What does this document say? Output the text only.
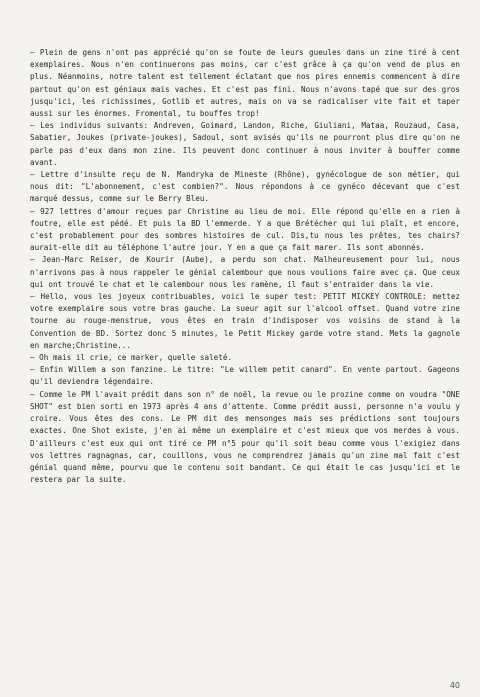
– Plein de gens n'ont pas apprécié qu'on se foute de leurs gueules dans un zine tiré à cent exemplaires. Nous n'en continuerons pas moins, car c'est grâce à ça qu'on vend de plus en plus. Néanmoins, notre talent est tellement éclatant que nos pires ennemis commencent à dire partout qu'on est géniaux mais vaches. Et c'est pas fini. Nous n'avons tapé que sur des gros jusqu'ici, les richissimes, Gotlib et autres, mais on va se radicaliser vite fait et taper aussi sur les énormes. Fromental, tu bouffes trop!

– Les individus suivants: Andreven, Goimard, Landon, Riche, Giuliani, Mataa, Rouzaud, Casa, Sabatier, Joukes (private-joukes), Sadoul, sont avisés qu'ils ne pourront plus dire qu'on ne parle pas d'eux dans mon zine. Ils peuvent donc continuer à nous inviter à bouffer comme avant.

– Lettre d'insulte reçu de N. Mandryka de Mineste (Rhône), gynécologue de son métier, qui nous dit: "L'abonnement, c'est combien?". Nous répondons à ce gynéco décevant que c'est marqué dessus, comme sur le Berry Bleu.

– 927 lettres d'amour reçues par Christine au lieu de moi. Elle répond qu'elle en a rien à foutre, elle est pédé. Et puis la BD l'emmerde. Y a que Brétécher qui lui plaît, et encore, c'est probablement pour des sombres histoires de cul. Dis,tu nous les prêtes, tes chairs? aurait-elle dit au téléphone l'autre jour. Y en a que ça fait marer. Ils sont abonnés.

– Jean-Marc Reiser, de Kourir (Aube), a perdu son chat. Malheureusement pour lui, nous n'arrivons pas à nous rappeler le génial calembour que nous voulions faire avec ça. Que ceux qui ont trouvé le chat et le calembour nous les ramène, il faut s'entraider dans la vie.

– Hello, vous les joyeux contribuables, voici le super test: PETIT MICKEY CONTROLE: mettez votre exemplaire sous votre bras gauche. La sueur agit sur l'alcool offset. Quand votre zine tourne au rouge-menstrue, vous êtes en train d'indisposer vos voisins de stand à la Convention de BD. Sortez donc 5 minutes, le Petit Mickey garde votre stand. Mets la gagnole en marche;Christine...

– Oh mais il crie, ce marker, quelle saleté.

– Enfin Willem a son fanzine. Le titre: "Le willem petit canard". En vente partout. Gageons qu'il deviendra légendaire.

– Comme le PM l'avait prédit dans son n° de noël, la revue ou le prozine comme on voudra "ONE SHOT" est bien sorti en 1973 après 4 ans d'attente. Comme prédit aussi, personne n'a voulu y croire. Vous êtes des cons. Le PM dit des mensonges mais ses prédictions sont toujours exactes. One Shot existe, j'en ai même un exemplaire et c'est mieux que vos merdes à vous. D'ailleurs c'est eux qui ont tiré ce PM n°5 pour qu'il soit beau comme vous l'exigiez dans vos lettres ragnagnas, car, couillons, vous ne comprendrez jamais qu'un zine mal fait c'est génial quand même, pourvu que le contenu soit bandant. Ce qui était le cas jusqu'ici et le restera par la suite.

40
